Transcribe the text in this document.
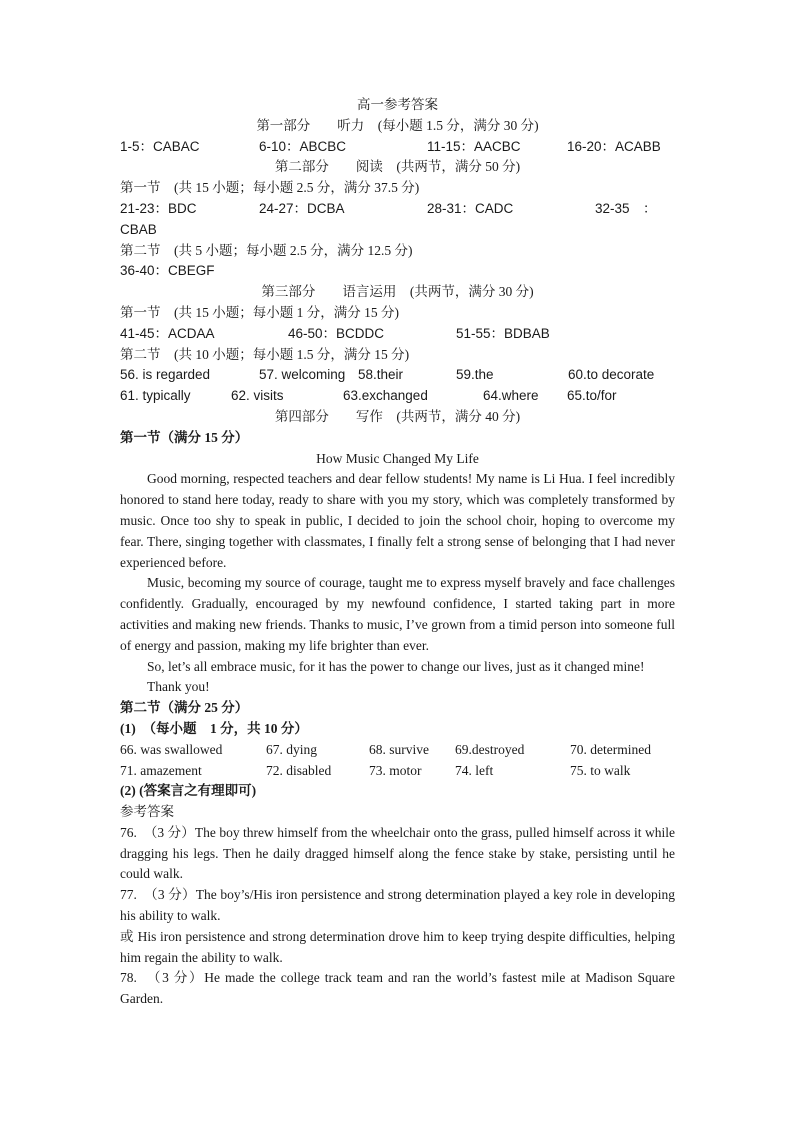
高一参考答案
第一部分　　听力　(每小题 1.5 分，满分 30 分)
1-5：CABAC	6-10：ABCBC	11-15：AACBC	16-20：ACABB
第二部分　　阅读　(共两节，满分 50 分)
第一节　(共 15 小题；每小题 2.5 分，满分 37.5 分)
21-23：BDC	24-27：DCBA	28-31：CADC	32-35　：
CBAB
第二节　(共 5 小题；每小题 2.5 分，满分 12.5 分)
36-40：CBEGF
第三部分　　语言运用　(共两节，满分 30 分)
第一节　(共 15 小题；每小题 1 分，满分 15 分)
41-45：ACDAA	46-50：BCDDC	51-55：BDBAB
第二节　(共 10 小题；每小题 1.5 分，满分 15 分)
56. is regarded	57. welcoming 58.their	59.the	60.to decorate
61. typically	62. visits	63.exchanged	64.where	65.to/for
第四部分　　写作　(共两节，满分 40 分)
第一节（满分 15 分）
How Music Changed My Life

Good morning, respected teachers and dear fellow students! My name is Li Hua. I feel incredibly honored to stand here today, ready to share with you my story, which was completely transformed by music. Once too shy to speak in public, I decided to join the school choir, hoping to overcome my fear. There, singing together with classmates, I finally felt a strong sense of belonging that I had never experienced before.

Music, becoming my source of courage, taught me to express myself bravely and face challenges confidently. Gradually, encouraged by my newfound confidence, I started taking part in more activities and making new friends. Thanks to music, I’ve grown from a timid person into someone full of energy and passion, making my life brighter than ever.

So, let’s all embrace music, for it has the power to change our lives, just as it changed mine!

Thank you!

第二节（满分 25 分）
(1)　（每小题　1 分，共 10 分）
66. was swallowed	67. dying	68. survive	69.destroyed	70. determined
71. amazement	72. disabled	73. motor	74. left	75. to walk
(2) (答案言之有理即可)
参考答案

76.　（3 分）The boy threw himself from the wheelchair onto the grass, pulled himself across it while dragging his legs. Then he daily dragged himself along the fence stake by stake, persisting until he could walk.

77.　（3 分）The boy’s/His iron persistence and strong determination played a key role in developing his ability to walk.

或 His iron persistence and strong determination drove him to keep trying despite difficulties, helping him regain the ability to walk.

78.　（3 分）He made the college track team and ran the world’s fastest mile at Madison Square Garden.
